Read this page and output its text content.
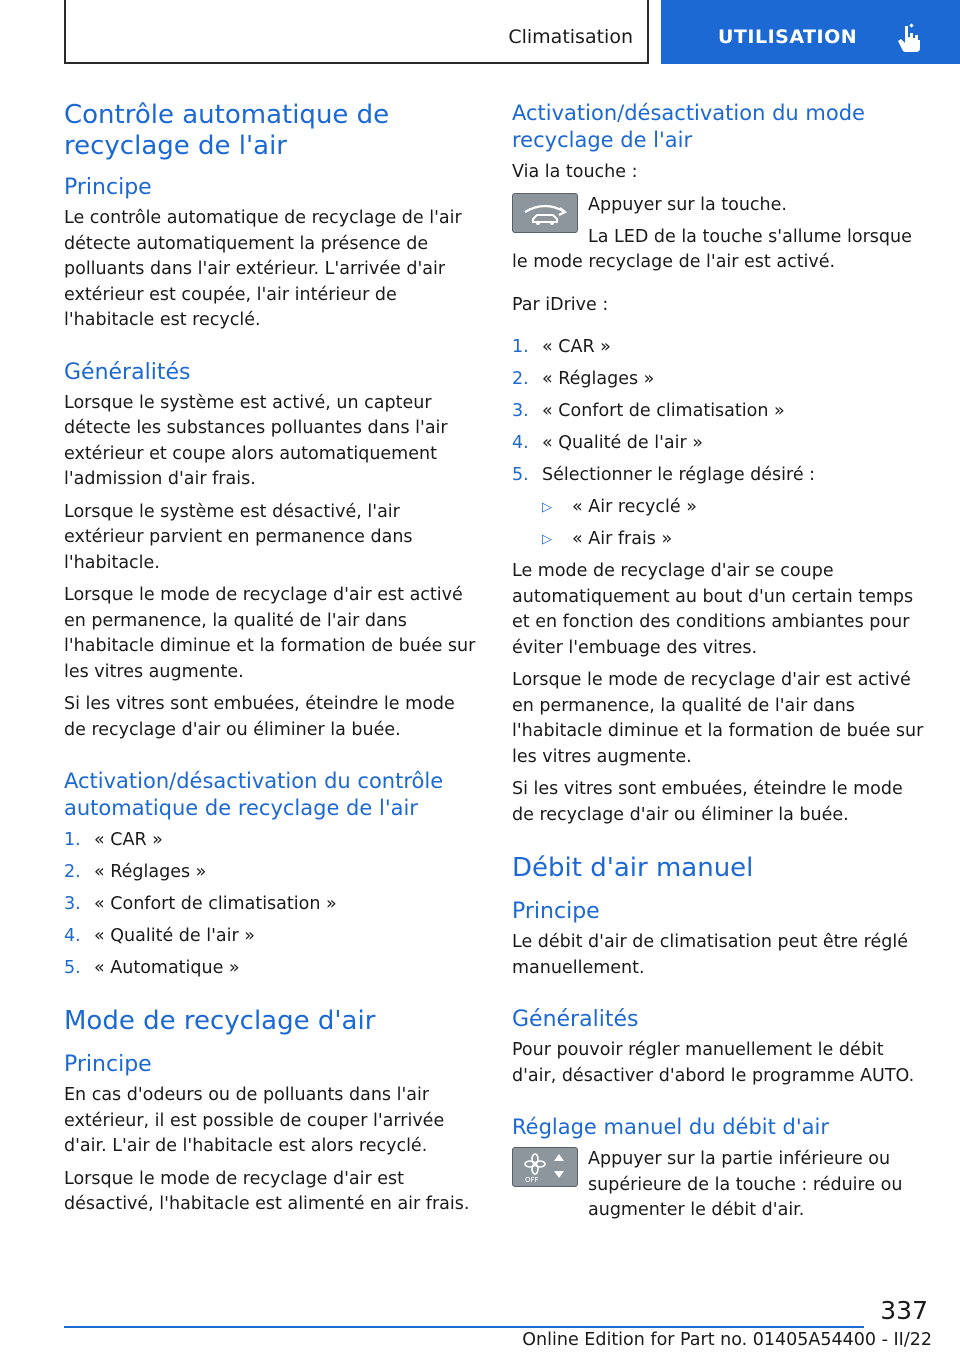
Climatisation	UTILISATION
Contrôle automatique de recyclage de l'air
Principe

Le contrôle automatique de recyclage de l'air détecte automatiquement la présence de polluants dans l'air extérieur. L'arrivée d'air extérieur est coupée, l'air intérieur de l'habitacle est recyclé.

Généralités

Lorsque le système est activé, un capteur détecte les substances polluantes dans l'air extérieur et coupe alors automatiquement l'admission d'air frais.

Lorsque le système est désactivé, l'air extérieur parvient en permanence dans l'habitacle.

Lorsque le mode de recyclage d'air est activé en permanence, la qualité de l'air dans l'habitacle diminue et la formation de buée sur les vitres augmente.

Si les vitres sont embuées, éteindre le mode de recyclage d'air ou éliminer la buée.

Activation/désactivation du contrôle automatique de recyclage de l'air
1. « CAR »
2. « Réglages »
3. « Confort de climatisation »
4. « Qualité de l'air »
5. « Automatique »
Mode de recyclage d'air
Principe

En cas d'odeurs ou de polluants dans l'air extérieur, il est possible de couper l'arrivée d'air. L'air de l'habitacle est alors recyclé.

Lorsque le mode de recyclage d'air est désactivé, l'habitacle est alimenté en air frais.

Activation/désactivation du mode recyclage de l'air

Via la touche :

Appuyer sur la touche.

La LED de la touche s'allume lorsque le mode recyclage de l'air est activé.

Par iDrive :

1. « CAR »
2. « Réglages »
3. « Confort de climatisation »
4. « Qualité de l'air »
5. Sélectionner le réglage désiré :
▷ « Air recyclé »
▷ « Air frais »

Le mode de recyclage d'air se coupe automatiquement au bout d'un certain temps et en fonction des conditions ambiantes pour éviter l'embuage des vitres.

Lorsque le mode de recyclage d'air est activé en permanence, la qualité de l'air dans l'habitacle diminue et la formation de buée sur les vitres augmente.

Si les vitres sont embuées, éteindre le mode de recyclage d'air ou éliminer la buée.

Débit d'air manuel
Principe

Le débit d'air de climatisation peut être réglé manuellement.

Généralités

Pour pouvoir régler manuellement le débit d'air, désactiver d'abord le programme AUTO.

Réglage manuel du débit d'air
OFF

Appuyer sur la partie inférieure ou supérieure de la touche : réduire ou augmenter le débit d'air.

337
Online Edition for Part no. 01405A54400 - II/22
